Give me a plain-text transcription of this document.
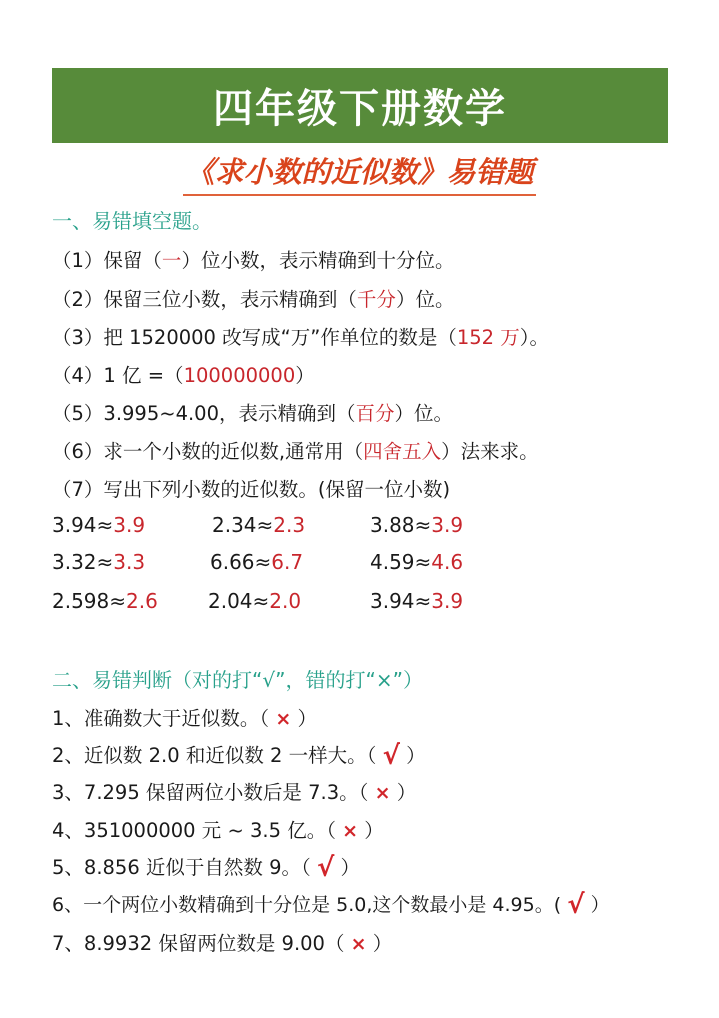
四年级下册数学
《求小数的近似数》易错题
一、易错填空题。
（1）保留（一）位小数，表示精确到十分位。
（2）保留三位小数，表示精确到（千分）位。
（3）把 1520000 改写成“万”作单位的数是（152 万）。
（4）1 亿 =（100000000）
（5）3.995~4.00，表示精确到（百分）位。
（6）求一个小数的近似数,通常用（四舍五入）法来求。
（7）写出下列小数的近似数。(保留一位小数)
3.94≈3.9	2.34≈2.3	3.88≈3.9
3.32≈3.3	6.66≈6.7	4.59≈4.6
2.598≈2.6	2.04≈2.0	3.94≈3.9
二、易错判断（对的打“√”，错的打“×”）
1、准确数大于近似数。（ × ）
2、近似数 2.0 和近似数 2 一样大。（ √ ）
3、7.295 保留两位小数后是 7.3。（ × ）
4、351000000 元 ~ 3.5 亿。（ × ）
5、8.856 近似于自然数 9。（ √ ）
6、一个两位小数精确到十分位是 5.0,这个数最小是 4.95。( √ ）
7、8.9932 保留两位数是 9.00（ × ）
